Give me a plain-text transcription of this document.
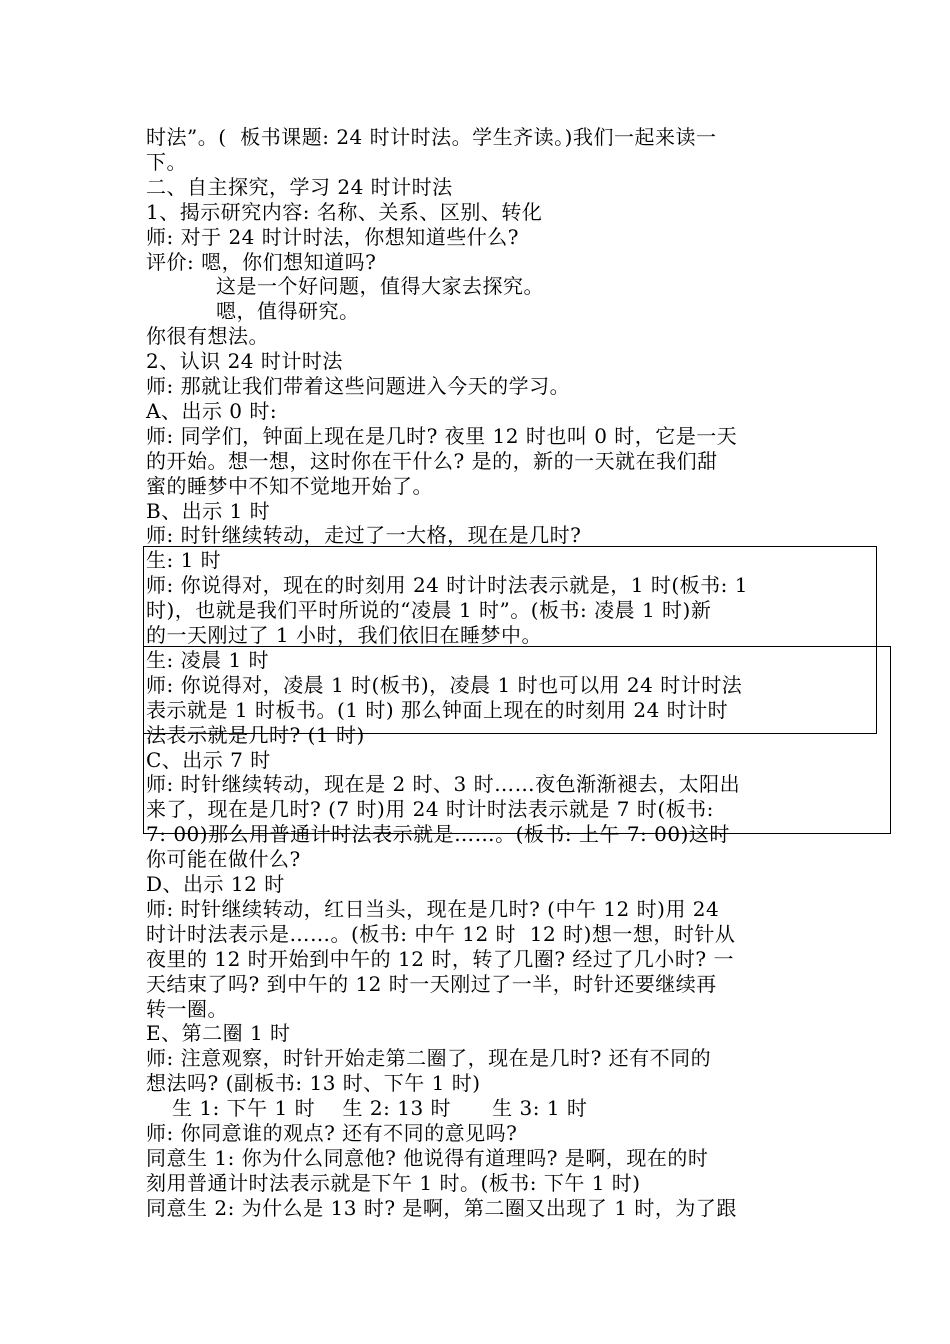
时法”。(  板书课题: 24 时计时法。学生齐读。)我们一起来读一
下。
二、自主探究，学习 24 时计时法
1、揭示研究内容: 名称、关系、区别、转化
师: 对于 24 时计时法，你想知道些什么?
评价: 嗯，你们想知道吗?
这是一个好问题，值得大家去探究。
嗯，值得研究。
你很有想法。
2、认识 24 时计时法
师: 那就让我们带着这些问题进入今天的学习。
A、出示 0 时:
师: 同学们，钟面上现在是几时? 夜里 12 时也叫 0 时，它是一天
的开始。想一想，这时你在干什么? 是的，新的一天就在我们甜
蜜的睡梦中不知不觉地开始了。
B、出示 1 时
师: 时针继续转动，走过了一大格，现在是几时?
生: 1 时
师: 你说得对，现在的时刻用 24 时计时法表示就是，1 时(板书: 1
时)，也就是我们平时所说的“凌晨 1 时”。(板书: 凌晨 1 时)新
的一天刚过了 1 小时，我们依旧在睡梦中。
生: 凌晨 1 时
师: 你说得对，凌晨 1 时(板书)，凌晨 1 时也可以用 24 时计时法
表示就是 1 时板书。(1 时) 那么钟面上现在的时刻用 24 时计时
法表示就是几时? (1 时)
C、出示 7 时
师: 时针继续转动，现在是 2 时、3 时……夜色渐渐褪去，太阳出
来了，现在是几时? (7 时)用 24 时计时法表示就是 7 时(板书:
7: 00)那么用普通计时法表示就是……。(板书: 上午 7: 00)这时
你可能在做什么?
D、出示 12 时
师: 时针继续转动，红日当头，现在是几时? (中午 12 时)用 24
时计时法表示是……。(板书: 中午 12 时  12 时)想一想，时针从
夜里的 12 时开始到中午的 12 时，转了几圈? 经过了几小时? 一
天结束了吗? 到中午的 12 时一天刚过了一半，时针还要继续再
转一圈。
E、第二圈 1 时
师: 注意观察，时针开始走第二圈了，现在是几时? 还有不同的
想法吗? (副板书: 13 时、下午 1 时)
生 1: 下午 1 时    生 2: 13 时      生 3: 1 时
师: 你同意谁的观点? 还有不同的意见吗?
同意生 1: 你为什么同意他? 他说得有道理吗? 是啊，现在的时
刻用普通计时法表示就是下午 1 时。(板书: 下午 1 时)
同意生 2: 为什么是 13 时? 是啊，第二圈又出现了 1 时，为了跟
